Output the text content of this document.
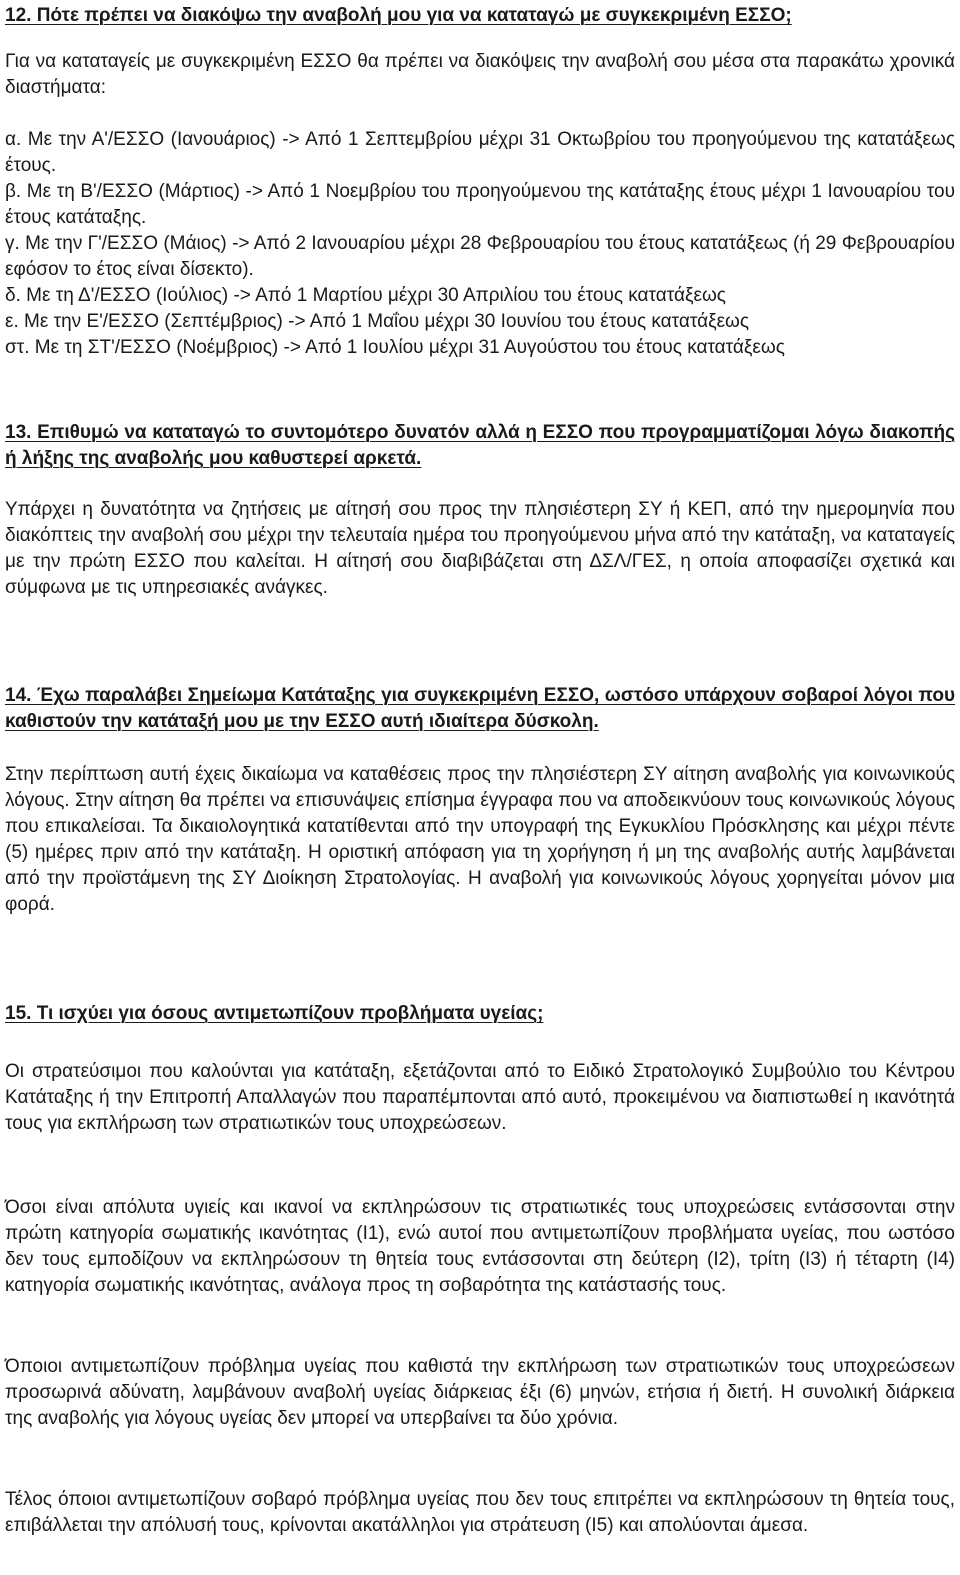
12. Πότε πρέπει να διακόψω την αναβολή μου για να καταταγώ με συγκεκριμένη ΕΣΣΟ;

Για να καταταγείς με συγκεκριμένη ΕΣΣΟ θα πρέπει να διακόψεις την αναβολή σου μέσα στα παρακάτω χρονικά διαστήματα:

α. Με την Α'/ΕΣΣΟ (Ιανουάριος) -> Από 1 Σεπτεμβρίου μέχρι 31 Οκτωβρίου του προηγούμενου της κατατάξεως έτους.

β. Με τη Β'/ΕΣΣΟ (Μάρτιος) -> Από 1 Νοεμβρίου του προηγούμενου της κατάταξης έτους μέχρι 1 Ιανουαρίου του έτους κατάταξης.

γ. Με την Γ'/ΕΣΣΟ (Μάιος) -> Από 2 Ιανουαρίου μέχρι 28 Φεβρουαρίου του έτους κατατάξεως (ή 29 Φεβρουαρίου εφόσον το έτος είναι δίσεκτο).

δ. Με τη Δ'/ΕΣΣΟ (Ιούλιος) -> Από 1 Μαρτίου μέχρι 30 Απριλίου του έτους κατατάξεως

ε. Με την Ε'/ΕΣΣΟ (Σεπτέμβριος) -> Από 1 Μαΐου μέχρι 30 Ιουνίου του έτους κατατάξεως

στ. Με τη ΣΤ'/ΕΣΣΟ (Νοέμβριος) -> Από 1 Ιουλίου μέχρι 31 Αυγούστου του έτους κατατάξεως

13. Επιθυμώ να καταταγώ το συντομότερο δυνατόν αλλά η ΕΣΣΟ που προγραμματίζομαι λόγω διακοπής ή λήξης της αναβολής μου καθυστερεί αρκετά.

Υπάρχει η δυνατότητα να ζητήσεις με αίτησή σου προς την πλησιέστερη ΣΥ ή ΚΕΠ, από την ημερομηνία που διακόπτεις την αναβολή σου μέχρι την τελευταία ημέρα του προηγούμενου μήνα από την κατάταξη, να καταταγείς με την πρώτη ΕΣΣΟ που καλείται. Η αίτησή σου διαβιβάζεται στη ΔΣΛ/ΓΕΣ, η οποία αποφασίζει σχετικά και σύμφωνα με τις υπηρεσιακές ανάγκες.

14. Έχω παραλάβει Σημείωμα Κατάταξης για συγκεκριμένη ΕΣΣΟ, ωστόσο υπάρχουν σοβαροί λόγοι που καθιστούν την κατάταξή μου με την ΕΣΣΟ αυτή ιδιαίτερα δύσκολη.

Στην περίπτωση αυτή έχεις δικαίωμα να καταθέσεις προς την πλησιέστερη ΣΥ αίτηση αναβολής για κοινωνικούς λόγους. Στην αίτηση θα πρέπει να επισυνάψεις επίσημα έγγραφα που να αποδεικνύουν τους κοινωνικούς λόγους που επικαλείσαι. Τα δικαιολογητικά κατατίθενται από την υπογραφή της Εγκυκλίου Πρόσκλησης και μέχρι πέντε (5) ημέρες πριν από την κατάταξη. Η οριστική απόφαση για τη χορήγηση ή μη της αναβολής αυτής λαμβάνεται από την προϊστάμενη της ΣΥ Διοίκηση Στρατολογίας. Η αναβολή για κοινωνικούς λόγους χορηγείται μόνον μια φορά.

15. Τι ισχύει για όσους αντιμετωπίζουν προβλήματα υγείας;

Οι στρατεύσιμοι που καλούνται για κατάταξη, εξετάζονται από το Ειδικό Στρατολογικό Συμβούλιο του Κέντρου Κατάταξης ή την Επιτροπή Απαλλαγών που παραπέμπονται από αυτό, προκειμένου να διαπιστωθεί η ικανότητά τους για εκπλήρωση των στρατιωτικών τους υποχρεώσεων.

Όσοι είναι απόλυτα υγιείς και ικανοί να εκπληρώσουν τις στρατιωτικές τους υποχρεώσεις εντάσσονται στην πρώτη κατηγορία σωματικής ικανότητας (Ι1), ενώ αυτοί που αντιμετωπίζουν προβλήματα υγείας, που ωστόσο δεν τους εμποδίζουν να εκπληρώσουν τη θητεία τους εντάσσονται στη δεύτερη (Ι2), τρίτη (Ι3) ή τέταρτη (Ι4) κατηγορία σωματικής ικανότητας, ανάλογα προς τη σοβαρότητα της κατάστασής τους.

Όποιοι αντιμετωπίζουν πρόβλημα υγείας που καθιστά την εκπλήρωση των στρατιωτικών τους υποχρεώσεων προσωρινά αδύνατη, λαμβάνουν αναβολή υγείας διάρκειας έξι (6) μηνών, ετήσια ή διετή. Η συνολική διάρκεια της αναβολής για λόγους υγείας δεν μπορεί να υπερβαίνει τα δύο χρόνια.

Τέλος όποιοι αντιμετωπίζουν σοβαρό πρόβλημα υγείας που δεν τους επιτρέπει να εκπληρώσουν τη θητεία τους, επιβάλλεται την απόλυσή τους, κρίνονται ακατάλληλοι για στράτευση (Ι5) και απολύονται άμεσα.
